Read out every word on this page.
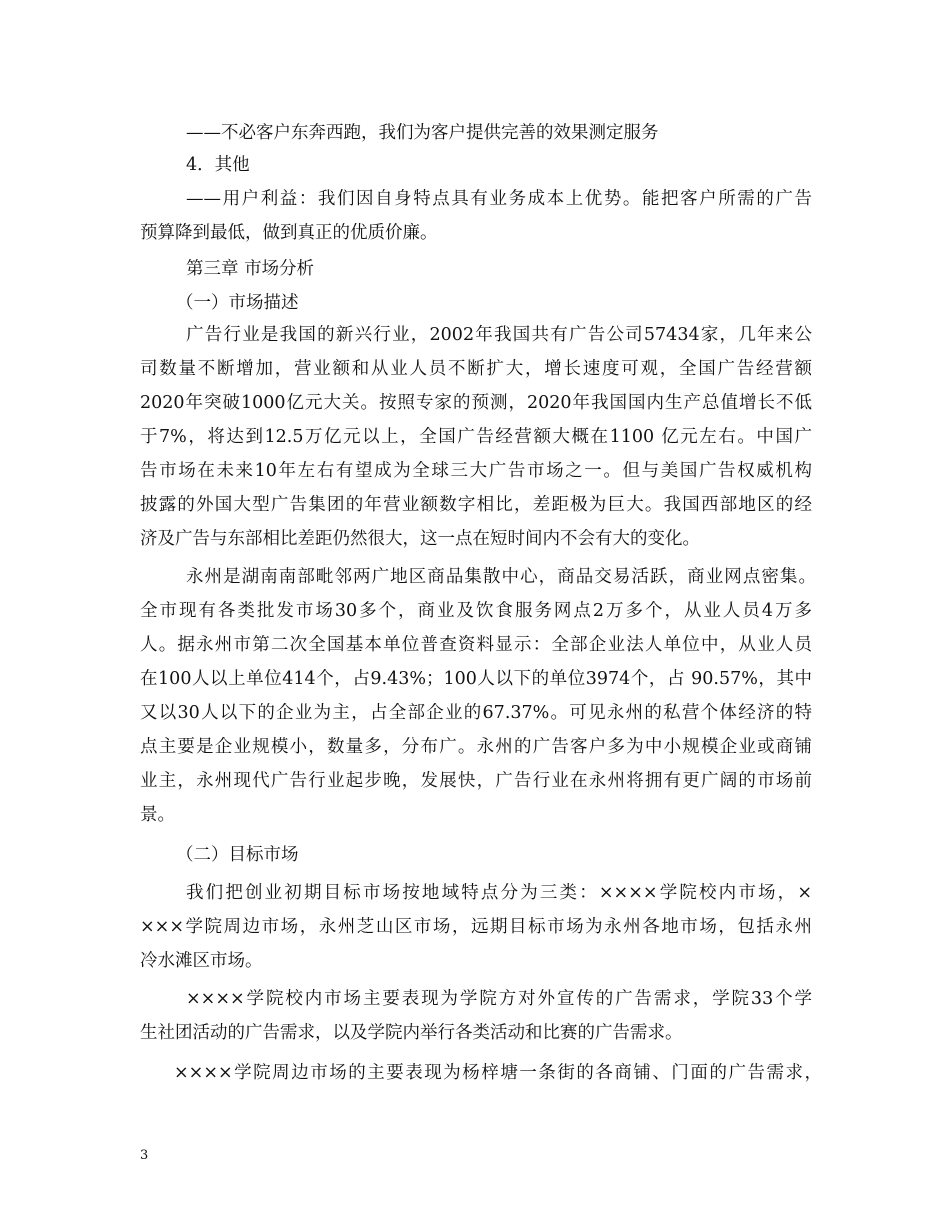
——不必客户东奔西跑，我们为客户提供完善的效果测定服务
4．其他
——用户利益：我们因自身特点具有业务成本上优势。能把客户所需的广告
预算降到最低，做到真正的优质价廉。
第三章 市场分析
（一）市场描述
广告行业是我国的新兴行业，2002年我国共有广告公司57434家，几年来公
司数量不断增加，营业额和从业人员不断扩大，增长速度可观，全国广告经营额
2020年突破1000亿元大关。按照专家的预测，2020年我国国内生产总值增长不低
于7%，将达到12.5万亿元以上，全国广告经营额大概在1100 亿元左右。中国广
告市场在未来10年左右有望成为全球三大广告市场之一。但与美国广告权威机构
披露的外国大型广告集团的年营业额数字相比，差距极为巨大。我国西部地区的经
济及广告与东部相比差距仍然很大，这一点在短时间内不会有大的变化。
永州是湖南南部毗邻两广地区商品集散中心，商品交易活跃，商业网点密集。
全市现有各类批发市场30多个，商业及饮食服务网点2万多个，从业人员4万多
人。据永州市第二次全国基本单位普查资料显示：全部企业法人单位中，从业人员
在100人以上单位414个，占9.43%；100人以下的单位3974个，占 90.57%，其中
又以30人以下的企业为主，占全部企业的67.37%。可见永州的私营个体经济的特
点主要是企业规模小，数量多，分布广。永州的广告客户多为中小规模企业或商铺
业主，永州现代广告行业起步晚，发展快，广告行业在永州将拥有更广阔的市场前
景。
（二）目标市场
我们把创业初期目标市场按地域特点分为三类：××××学院校内市场，×
×××学院周边市场，永州芝山区市场，远期目标市场为永州各地市场，包括永州
冷水滩区市场。
××××学院校内市场主要表现为学院方对外宣传的广告需求，学院33个学
生社团活动的广告需求，以及学院内举行各类活动和比赛的广告需求。
××××学院周边市场的主要表现为杨梓塘一条街的各商铺、门面的广告需求，
3
